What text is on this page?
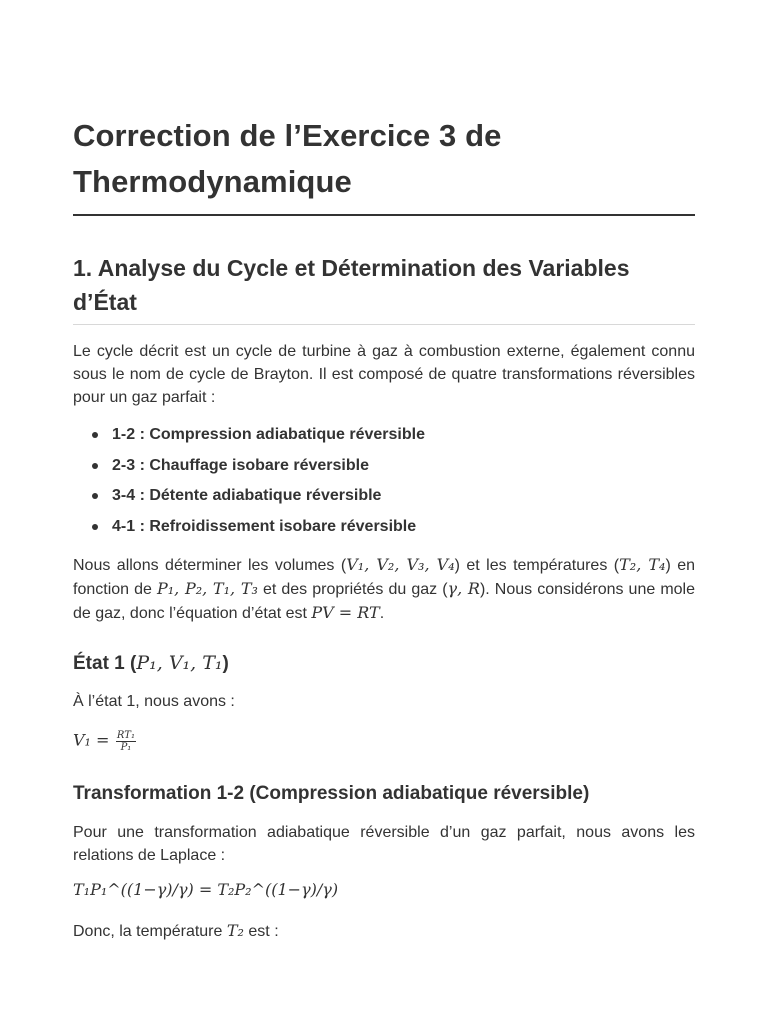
Correction de l’Exercice 3 de Thermodynamique
1. Analyse du Cycle et Détermination des Variables d’État

Le cycle décrit est un cycle de turbine à gaz à combustion externe, également connu sous le nom de cycle de Brayton. Il est composé de quatre transformations réversibles pour un gaz parfait :

1-2 : Compression adiabatique réversible
2-3 : Chauffage isobare réversible
3-4 : Détente adiabatique réversible
4-1 : Refroidissement isobare réversible

Nous allons déterminer les volumes (V₁, V₂, V₃, V₄) et les températures (T₂, T₄) en fonction de P₁, P₂, T₁, T₃ et des propriétés du gaz (γ, R). Nous considérons une mole de gaz, donc l’équation d’état est PV = RT.

État 1 (P₁, V₁, T₁)

À l’état 1, nous avons :

$V_1 = \frac{\text{RT₁}}{\text{P₁}}$
Transformation 1-2 (Compression adiabatique réversible)

Pour une transformation adiabatique réversible d’un gaz parfait, nous avons les relations de Laplace :

T₁P₁^((1−γ)/γ) = T₂P₂^((1−γ)/γ)

Donc, la température T₂ est :
